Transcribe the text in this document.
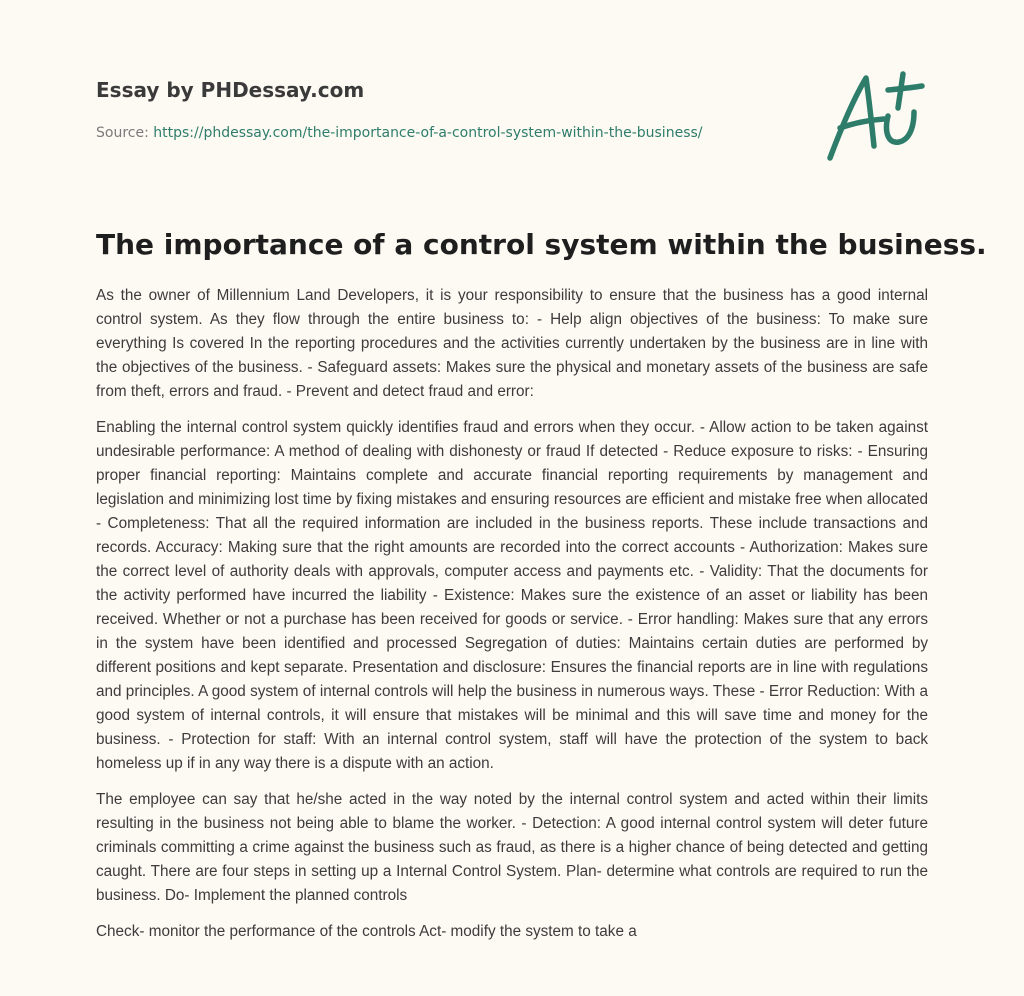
Essay by PHDessay.com
Source: https://phdessay.com/the-importance-of-a-control-system-within-the-business/
The importance of a control system within the business.

As the owner of Millennium Land Developers, it is your responsibility to ensure that the business has a good internal control system. As they flow through the entire business to: - Help align objectives of the business: To make sure everything Is covered In the reporting procedures and the activities currently undertaken by the business are in line with the objectives of the business. - Safeguard assets: Makes sure the physical and monetary assets of the business are safe from theft, errors and fraud. - Prevent and detect fraud and error:

Enabling the internal control system quickly identifies fraud and errors when they occur. - Allow action to be taken against undesirable performance: A method of dealing with dishonesty or fraud If detected - Reduce exposure to risks: - Ensuring proper financial reporting: Maintains complete and accurate financial reporting requirements by management and legislation and minimizing lost time by fixing mistakes and ensuring resources are efficient and mistake free when allocated - Completeness: That all the required information are included in the business reports. These include transactions and records. Accuracy: Making sure that the right amounts are recorded into the correct accounts - Authorization: Makes sure the correct level of authority deals with approvals, computer access and payments etc. - Validity: That the documents for the activity performed have incurred the liability - Existence: Makes sure the existence of an asset or liability has been received. Whether or not a purchase has been received for goods or service. - Error handling: Makes sure that any errors in the system have been identified and processed Segregation of duties: Maintains certain duties are performed by different positions and kept separate. Presentation and disclosure: Ensures the financial reports are in line with regulations and principles. A good system of internal controls will help the business in numerous ways. These - Error Reduction: With a good system of internal controls, it will ensure that mistakes will be minimal and this will save time and money for the business. - Protection for staff: With an internal control system, staff will have the protection of the system to back homeless up if in any way there is a dispute with an action.

The employee can say that he/she acted in the way noted by the internal control system and acted within their limits resulting in the business not being able to blame the worker. - Detection: A good internal control system will deter future criminals committing a crime against the business such as fraud, as there is a higher chance of being detected and getting caught. There are four steps in setting up a Internal Control System. Plan- determine what controls are required to run the business. Do- Implement the planned controls

Check- monitor the performance of the controls Act- modify the system to take a
